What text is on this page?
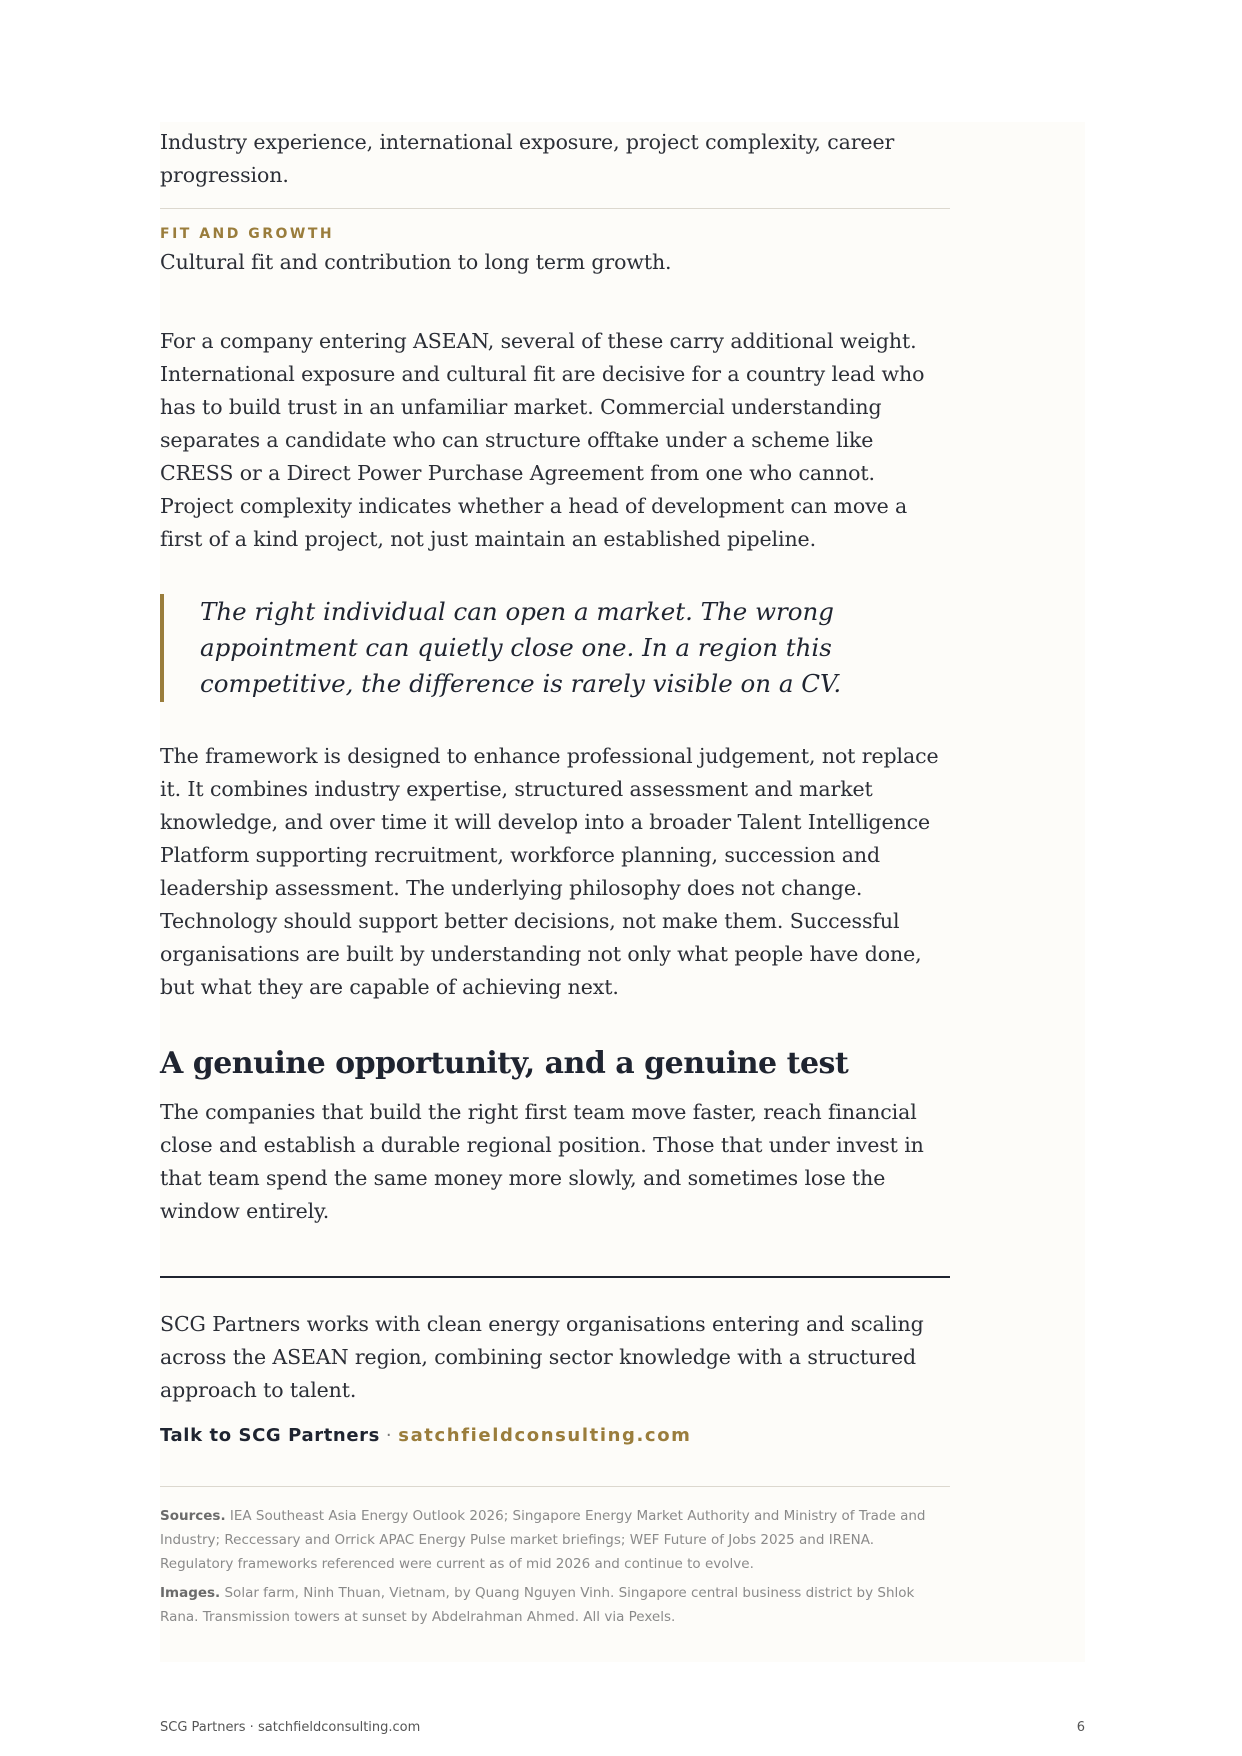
Industry experience, international exposure, project complexity, career progression.

FIT AND GROWTH

Cultural fit and contribution to long term growth.

For a company entering ASEAN, several of these carry additional weight. International exposure and cultural fit are decisive for a country lead who has to build trust in an unfamiliar market. Commercial understanding separates a candidate who can structure offtake under a scheme like CRESS or a Direct Power Purchase Agreement from one who cannot. Project complexity indicates whether a head of development can move a first of a kind project, not just maintain an established pipeline.

The right individual can open a market. The wrong appointment can quietly close one. In a region this competitive, the difference is rarely visible on a CV.

The framework is designed to enhance professional judgement, not replace it. It combines industry expertise, structured assessment and market knowledge, and over time it will develop into a broader Talent Intelligence Platform supporting recruitment, workforce planning, succession and leadership assessment. The underlying philosophy does not change. Technology should support better decisions, not make them. Successful organisations are built by understanding not only what people have done, but what they are capable of achieving next.

A genuine opportunity, and a genuine test

The companies that build the right first team move faster, reach financial close and establish a durable regional position. Those that under invest in that team spend the same money more slowly, and sometimes lose the window entirely.

SCG Partners works with clean energy organisations entering and scaling across the ASEAN region, combining sector knowledge with a structured approach to talent.

Talk to SCG Partners · satchfieldconsulting.com

Sources. IEA Southeast Asia Energy Outlook 2026; Singapore Energy Market Authority and Ministry of Trade and Industry; Reccessary and Orrick APAC Energy Pulse market briefings; WEF Future of Jobs 2025 and IRENA. Regulatory frameworks referenced were current as of mid 2026 and continue to evolve.

Images. Solar farm, Ninh Thuan, Vietnam, by Quang Nguyen Vinh. Singapore central business district by Shlok Rana. Transmission towers at sunset by Abdelrahman Ahmed. All via Pexels.

SCG Partners · satchfieldconsulting.com	6
